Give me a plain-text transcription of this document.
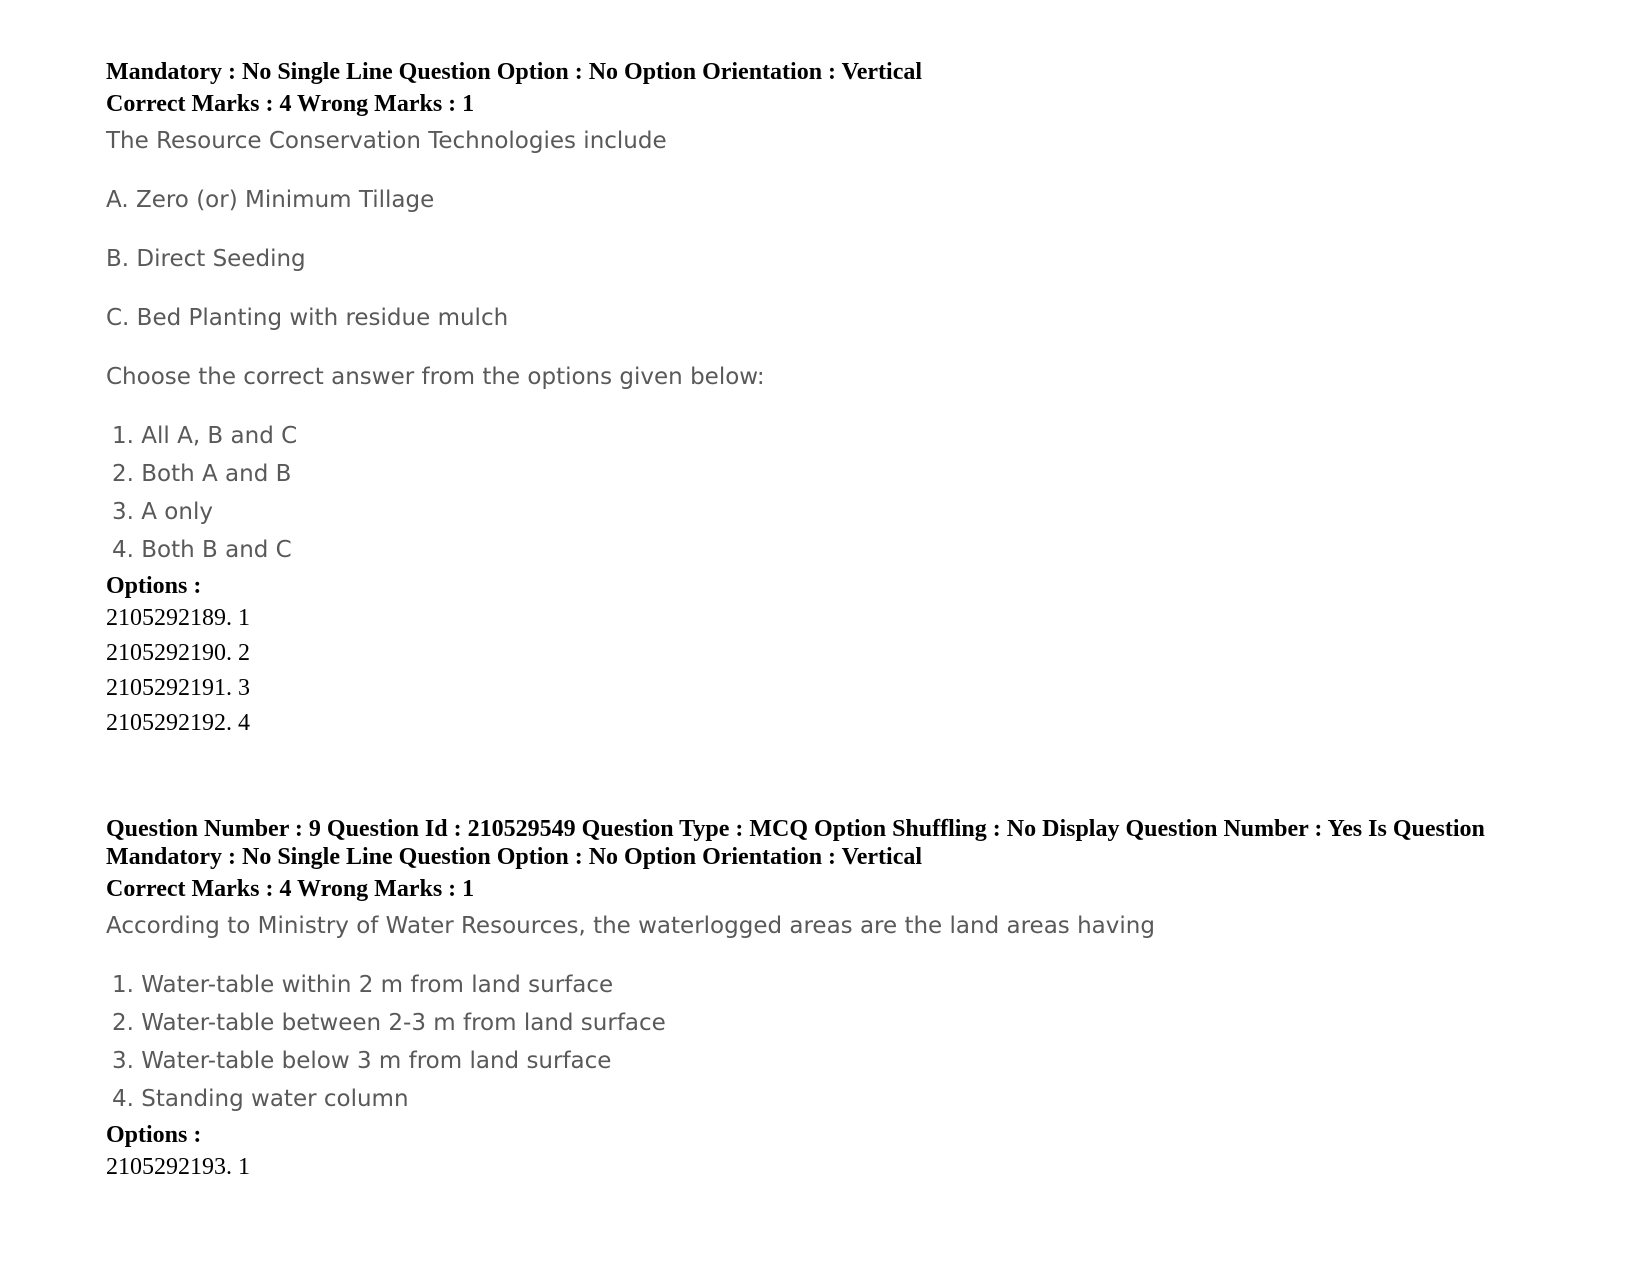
Mandatory : No Single Line Question Option : No Option Orientation : Vertical
Correct Marks : 4 Wrong Marks : 1
The Resource Conservation Technologies include
A. Zero (or) Minimum Tillage
B. Direct Seeding
C. Bed Planting with residue mulch
Choose the correct answer from the options given below:
1. All A, B and C
2. Both A and B
3. A only
4. Both B and C
Options :
2105292189. 1
2105292190. 2
2105292191. 3
2105292192. 4
Question Number : 9 Question Id : 210529549 Question Type : MCQ Option Shuffling : No Display Question Number : Yes Is Question
Mandatory : No Single Line Question Option : No Option Orientation : Vertical
Correct Marks : 4 Wrong Marks : 1
According to Ministry of Water Resources, the waterlogged areas are the land areas having
1. Water-table within 2 m from land surface
2. Water-table between 2-3 m from land surface
3. Water-table below 3 m from land surface
4. Standing water column
Options :
2105292193. 1
